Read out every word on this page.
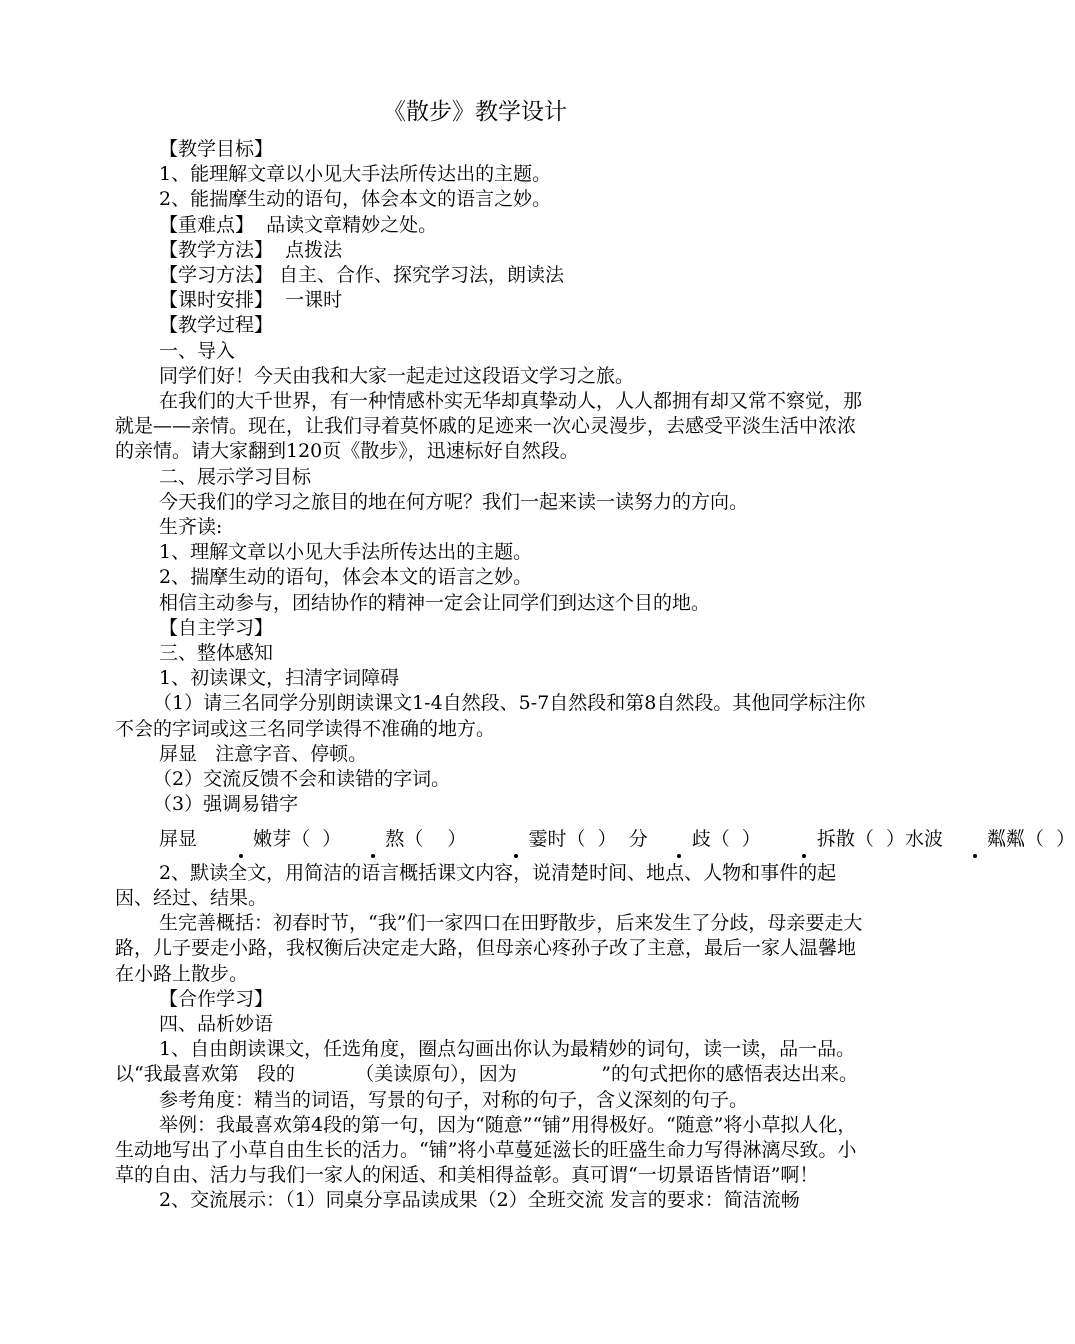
《散步》教学设计

【教学目标】

1、能理解文章以小见大手法所传达出的主题。

2、能揣摩生动的语句，体会本文的语言之妙。

【重难点】  品读文章精妙之处。

【教学方法】  点拨法

【学习方法】 自主、合作、探究学习法，朗读法

【课时安排】  一课时

【教学过程】

一、导入

同学们好！今天由我和大家一起走过这段语文学习之旅。

在我们的大千世界，有一种情感朴实无华却真挚动人，人人都拥有却又常不察觉，那就是——亲情。现在，让我们寻着莫怀戚的足迹来一次心灵漫步，去感受平淡生活中浓浓的亲情。请大家翻到120页《散步》，迅速标好自然段。

二、展示学习目标

今天我们的学习之旅目的地在何方呢？我们一起来读一读努力的方向。

生齐读:

1、理解文章以小见大手法所传达出的主题。

2、揣摩生动的语句，体会本文的语言之妙。

相信主动参与，团结协作的精神一定会让同学们到达这个目的地。

【自主学习】

三、整体感知

1、初读课文，扫清字词障碍

（1）请三名同学分别朗读课文1-4自然段、5-7自然段和第8自然段。其他同学标注你不会的字词或这三名同学读得不准确的地方。

屏显   注意字音、停顿。

（2）交流反馈不会和读错的字词。

（3）强调易错字

屏显  嫩芽（  ） 熬（    ）   霎时（  ）  分 歧（  ）  拆散（  ）水波 粼粼（  ）

2、默读全文，用简洁的语言概括课文内容，说清楚时间、地点、人物和事件的起因、经过、结果。

生完善概括：初春时节，“我”们一家四口在田野散步，后来发生了分歧，母亲要走大路，儿子要走小路，我权衡后决定走大路，但母亲心疼孙子改了主意，最后一家人温馨地在小路上散步。

【合作学习】

四、品析妙语

1、自由朗读课文，任选角度，圈点勾画出你认为最精妙的词句，读一读，品一品。以“我最喜欢第   段的          （美读原句），因为              ”的句式把你的感悟表达出来。

参考角度：精当的词语，写景的句子，对称的句子，含义深刻的句子。

举例：我最喜欢第4段的第一句，因为“随意”“铺”用得极好。“随意”将小草拟人化，生动地写出了小草自由生长的活力。“铺”将小草蔓延滋长的旺盛生命力写得淋漓尽致。小草的自由、活力与我们一家人的闲适、和美相得益彰。真可谓“一切景语皆情语”啊！

2、交流展示：（1）同桌分享品读成果（2）全班交流 发言的要求：简洁流畅
